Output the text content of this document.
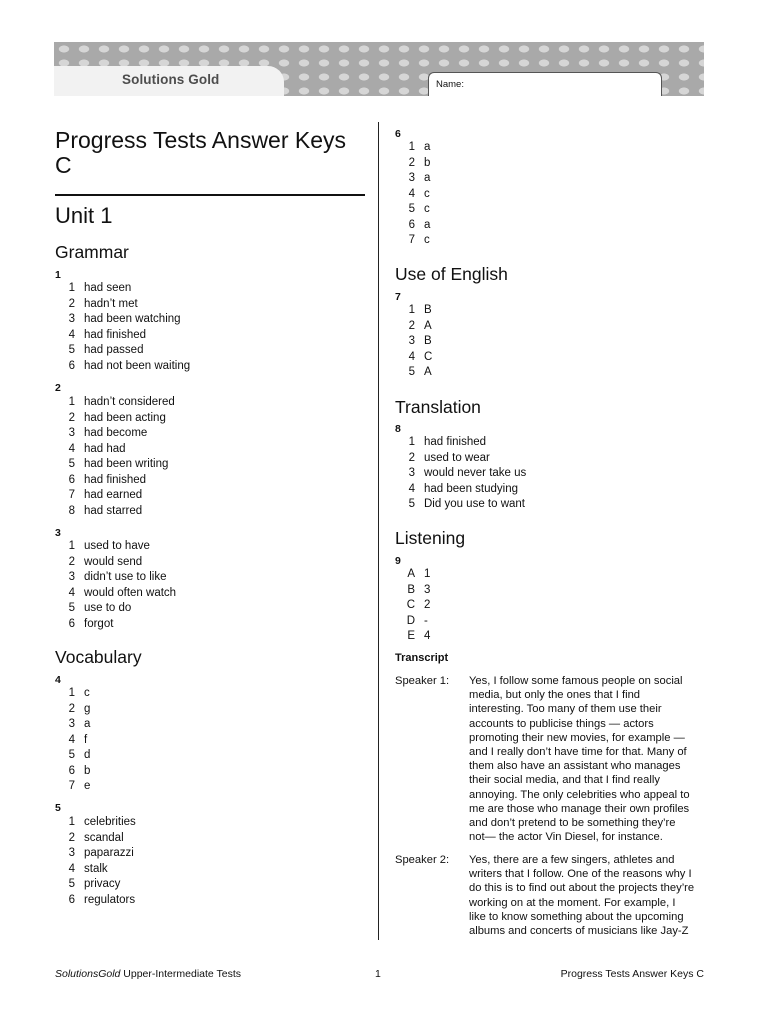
Solutions Gold	Name:
Progress Tests Answer Keys C
Unit 1
Grammar
1
1 had seen
2 hadn’t met
3 had been watching
4 had finished
5 had passed
6 had not been waiting
2
1 hadn’t considered
2 had been acting
3 had become
4 had had
5 had been writing
6 had finished
7 had earned
8 had starred
3
1 used to have
2 would send
3 didn’t use to like
4 would often watch
5 use to do
6 forgot
Vocabulary
4
1 c
2 g
3 a
4 f
5 d
6 b
7 e
5
1 celebrities
2 scandal
3 paparazzi
4 stalk
5 privacy
6 regulators
6
1 a
2 b
3 a
4 c
5 c
6 a
7 c
Use of English
7
1 B
2 A
3 B
4 C
5 A
Translation
8
1 had finished
2 used to wear
3 would never take us
4 had been studying
5 Did you use to want
Listening
9
A 1
B 3
C 2
D -
E 4
Transcript
Speaker 1: Yes, I follow some famous people on social
media, but only the ones that I find
interesting. Too many of them use their
accounts to publicise things — actors
promoting their new movies, for example —
and I really don’t have time for that. Many of
them also have an assistant who manages
their social media, and that I find really
annoying. The only celebrities who appeal to
me are those who manage their own profiles
and don’t pretend to be something they’re
not— the actor Vin Diesel, for instance.
Speaker 2: Yes, there are a few singers, athletes and
writers that I follow. One of the reasons why I
do this is to find out about the projects they’re
working on at the moment. For example, I
like to know something about the upcoming
albums and concerts of musicians like Jay-Z
SolutionsGold Upper-Intermediate Tests	1	Progress Tests Answer Keys C
